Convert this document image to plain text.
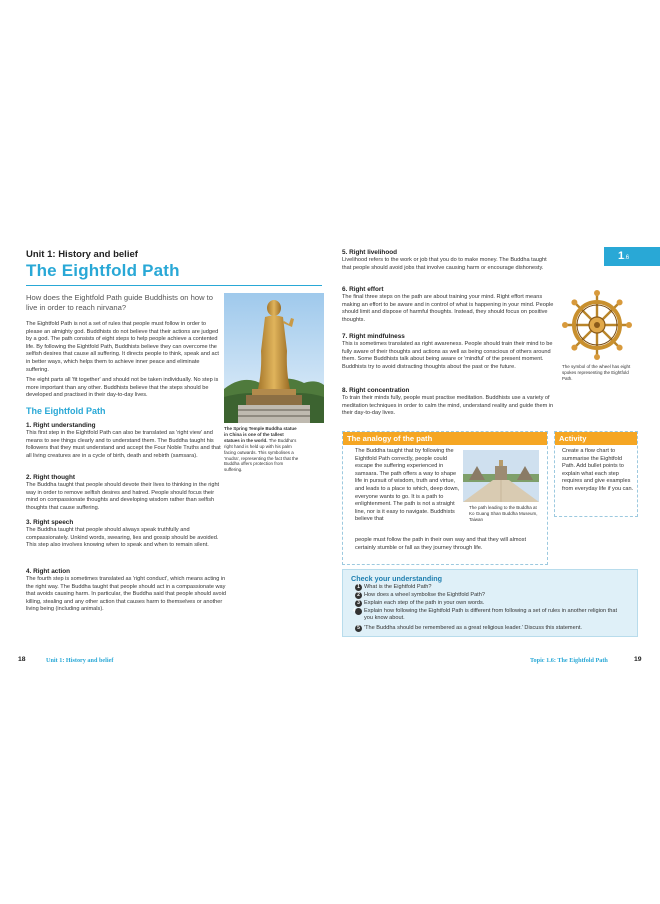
Unit 1: History and belief
The Eightfold Path
How does the Eightfold Path guide Buddhists on how to live in order to reach nirvana?
The Eightfold Path is not a set of rules that people must follow in order to please an almighty god. Buddhists do not believe that their actions are judged by a god. The path consists of eight steps to help people achieve a contented life. By following the Eightfold Path, Buddhists believe they can overcome the selfish desires that cause all suffering. It directs people to think, speak and act in better ways, which helps them to achieve inner peace and eliminate suffering.
The eight parts all 'fit together' and should not be taken individually. No step is more important than any other. Buddhists believe that the steps should be developed and practised in their day-to-day lives.
The Eightfold Path
1. Right understanding
This first step in the Eightfold Path can also be translated as 'right view' and means to see things clearly and to understand them. The Buddha taught his followers that they must understand and accept the Four Noble Truths and that all living creatures are in a cycle of birth, death and rebirth (samsara).
2. Right thought
The Buddha taught that people should devote their lives to thinking in the right way in order to remove selfish desires and hatred. People should focus their mind on compassionate thoughts and developing wisdom rather than selfish thoughts that cause suffering.
3. Right speech
The Buddha taught that people should always speak truthfully and compassionately. Unkind words, swearing, lies and gossip should be avoided. This step also involves knowing when to speak and when to remain silent.
4. Right action
The fourth step is sometimes translated as 'right conduct', which means acting in the right way. The Buddha taught that people should act in a compassionate way that avoids causing harm. In particular, the Buddha said that people should avoid killing, stealing and any other action that causes harm to themselves or another living being (including animals).
The Spring Temple Buddha statue in China is one of the tallest statues in the world. The Buddha's right hand is held up with his palm facing outwards. This symbolises a 'mudra', representing the fact that the Buddha offers protection from suffering.
1.6
5. Right livelihood
Livelihood refers to the work or job that you do to make money. The Buddha taught that people should avoid jobs that involve causing harm or encourage dishonesty.
6. Right effort
The final three steps on the path are about training your mind. Right effort means making an effort to be aware and in control of what is happening in your mind. People should limit and dispose of harmful thoughts. Instead, they should focus on positive thoughts.
7. Right mindfulness
This is sometimes translated as right awareness. People should train their mind to be fully aware of their thoughts and actions as well as being conscious of others around them. Some Buddhists talk about being aware or 'mindful' of the present moment. Buddhists try to avoid distracting thoughts about the past or the future.
8. Right concentration
To train their minds fully, people must practise meditation. Buddhists use a variety of meditation techniques in order to calm the mind, understand reality and guide them in their day-to-day lives.
The symbol of the wheel has eight spokes representing the Eightfold Path.
The analogy of the path
The Buddha taught that by following the Eightfold Path correctly, people could escape the suffering experienced in samsara. The path offers a way to shape life in pursuit of wisdom, truth and virtue, and leads to a place to which, deep down, everyone wants to go. It is a path to enlightenment. The path is not a straight line, nor is it easy to navigate. Buddhists believe that
people must follow the path in their own way and that they will almost certainly stumble or fall as they journey through life.
The path leading to the Buddha at Ko Guang Shan Buddha Museum, Taiwan
Activity
Create a flow chart to summarise the Eightfold Path. Add bullet points to explain what each step requires and give examples from everyday life if you can.
Check your understanding
1 What is the Eightfold Path?
2 How does a wheel symbolise the Eightfold Path?
3 Explain each step of the path in your own words.
4 Explain how following the Eightfold Path is different from following a set of rules in another religion that you know about.
5 'The Buddha should be remembered as a great religious leader.' Discuss this statement.
18	Unit 1: History and belief	Topic 1.6: The Eightfold Path	19
